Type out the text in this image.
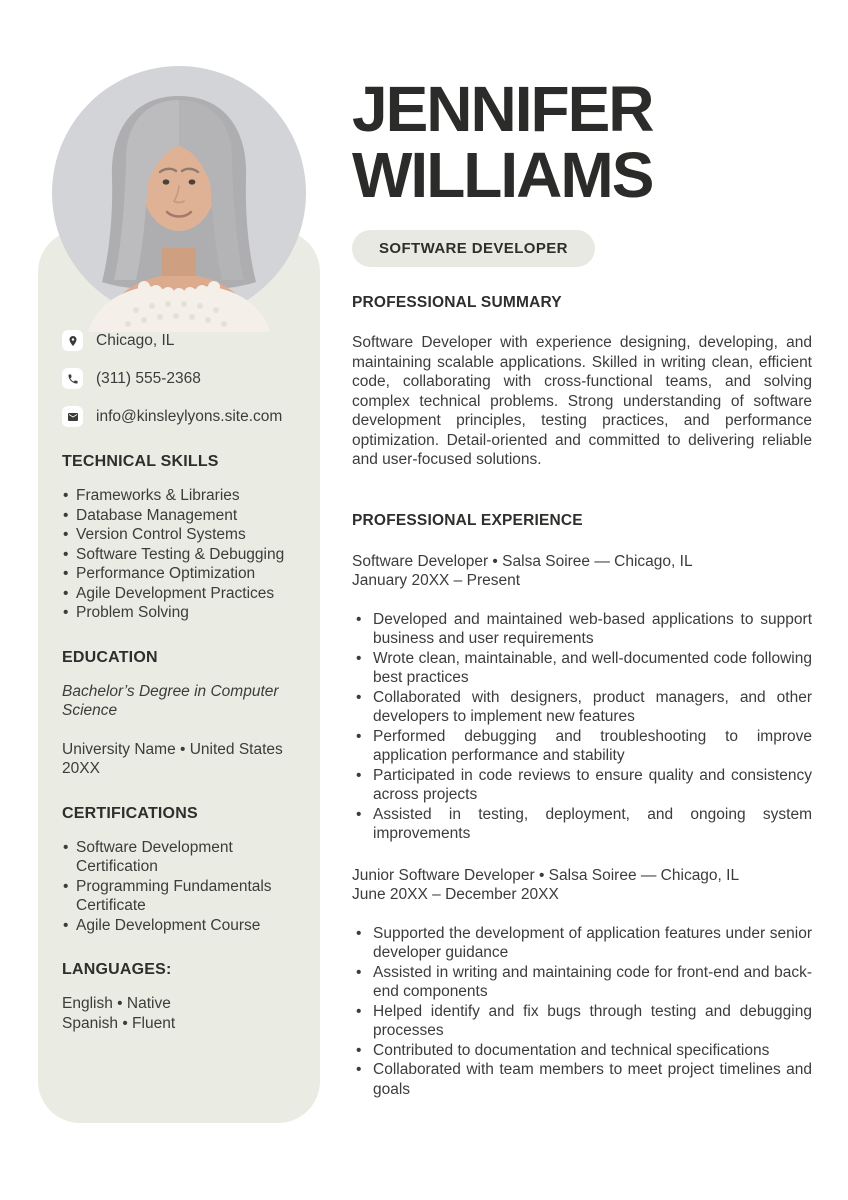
Chicago, IL
(311) 555-2368
info@kinsleylyons.site.com
TECHNICAL SKILLS
• Frameworks & Libraries
• Database Management
• Version Control Systems
• Software Testing & Debugging
• Performance Optimization
• Agile Development Practices
• Problem Solving
EDUCATION
Bachelor’s Degree in Computer Science
University Name • United States
20XX
CERTIFICATIONS
• Software Development Certification
• Programming Fundamentals Certificate
• Agile Development Course
LANGUAGES:
English • Native
Spanish • Fluent
JENNIFER
WILLIAMS
SOFTWARE DEVELOPER
PROFESSIONAL SUMMARY

Software Developer with experience designing, developing, and maintaining scalable applications. Skilled in writing clean, efficient code, collaborating with cross-functional teams, and solving complex technical problems. Strong understanding of software development principles, testing practices, and performance optimization. Detail-oriented and committed to delivering reliable and user-focused solutions.

PROFESSIONAL EXPERIENCE
Software Developer • Salsa Soiree — Chicago, IL
January 20XX – Present
• Developed and maintained web-based applications to support business and user requirements
• Wrote clean, maintainable, and well-documented code following best practices
• Collaborated with designers, product managers, and other developers to implement new features
• Performed debugging and troubleshooting to improve application performance and stability
• Participated in code reviews to ensure quality and consistency across projects
• Assisted in testing, deployment, and ongoing system improvements
Junior Software Developer • Salsa Soiree — Chicago, IL
June 20XX – December 20XX
• Supported the development of application features under senior developer guidance
• Assisted in writing and maintaining code for front-end and back-end components
• Helped identify and fix bugs through testing and debugging processes
• Contributed to documentation and technical specifications
• Collaborated with team members to meet project timelines and goals
